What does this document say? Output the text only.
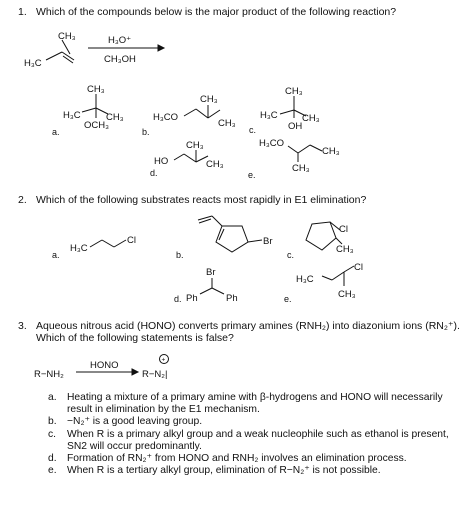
1. Which of the compounds below is the major product of the following reaction?
2. Which of the following substrates reacts most rapidly in E1 elimination?
3. Aqueous nitrous acid (HONO) converts primary amines (RNH₂) into diazonium ions (RN₂⁺).
Which of the following statements is false?
a.	b.	c.
d.	e.
a.	b.	c.
d.	e.
CH₃
H₃C
H₃O⁺
CH₃OH
CH₃
H₃C	CH₃
OCH₃
H₃CO
CH₃
CH₃
CH₃
H₃C	CH₃
OH
H₃CO
CH₃
CH₃
CH₃
HO	CH₃
H₃C
Cl	Br
Cl
CH₃
Br
Ph	Ph
H₃C
Cl
CH₃
R−NH₂
HONO
R−N₂|
+
a.	Heating a mixture of a primary amine with β-hydrogens and HONO will necessarily result in elimination by the E1 mechanism.
b.	−N₂⁺ is a good leaving group.
c.	When R is a primary alkyl group and a weak nucleophile such as ethanol is present, SN2 will occur predominantly.
d.	Formation of RN₂⁺ from HONO and RNH₂ involves an elimination process.
e.	When R is a tertiary alkyl group, elimination of R−N₂⁺ is not possible.
